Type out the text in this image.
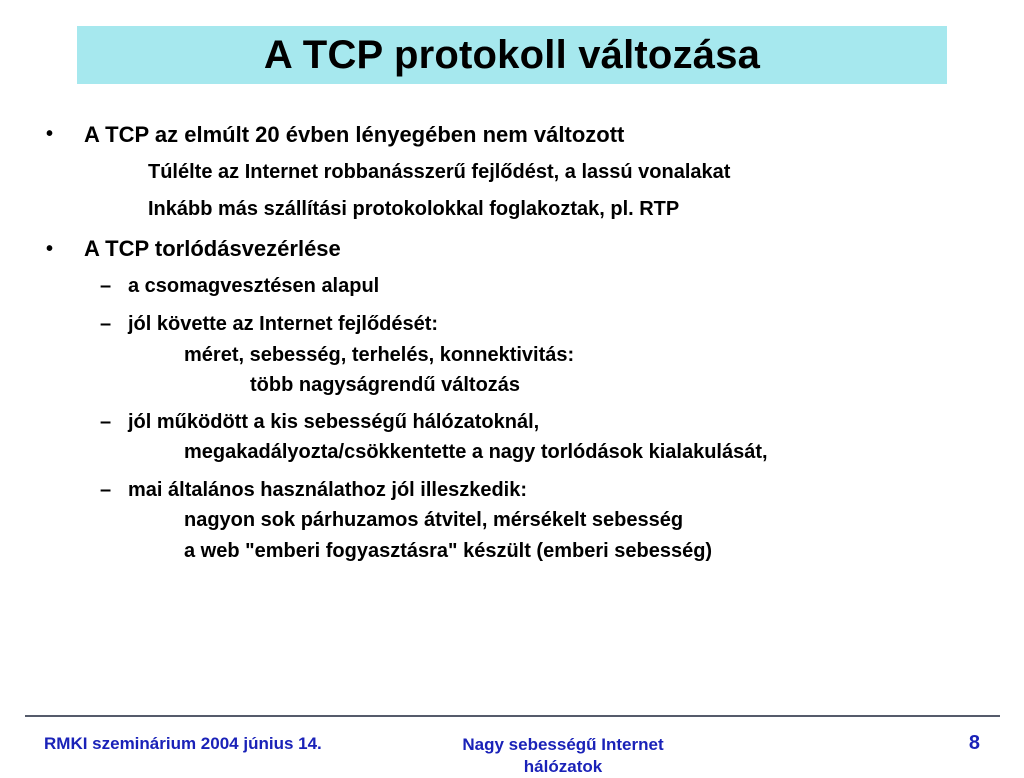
A TCP protokoll változása
• A TCP az elmúlt 20 évben lényegében nem változott
Túlélte az Internet robbanásszerű fejlődést, a lassú vonalakat
Inkább más szállítási protokolokkal foglakoztak, pl. RTP
• A TCP torlódásvezérlése
– a csomagvesztésen alapul
– jól követte az Internet fejlődését:
méret, sebesség, terhelés, konnektivitás:
több nagyságrendű változás
– jól működött a kis sebességű hálózatoknál,
megakadályozta/csökkentette a nagy torlódások kialakulását,
– mai általános használathoz jól illeszkedik:
nagyon sok párhuzamos átvitel, mérsékelt sebesség
a web "emberi fogyasztásra" készült (emberi sebesség)
RMKI szeminárium 2004 június 14.	Nagy sebességű Internet hálózatok
8
